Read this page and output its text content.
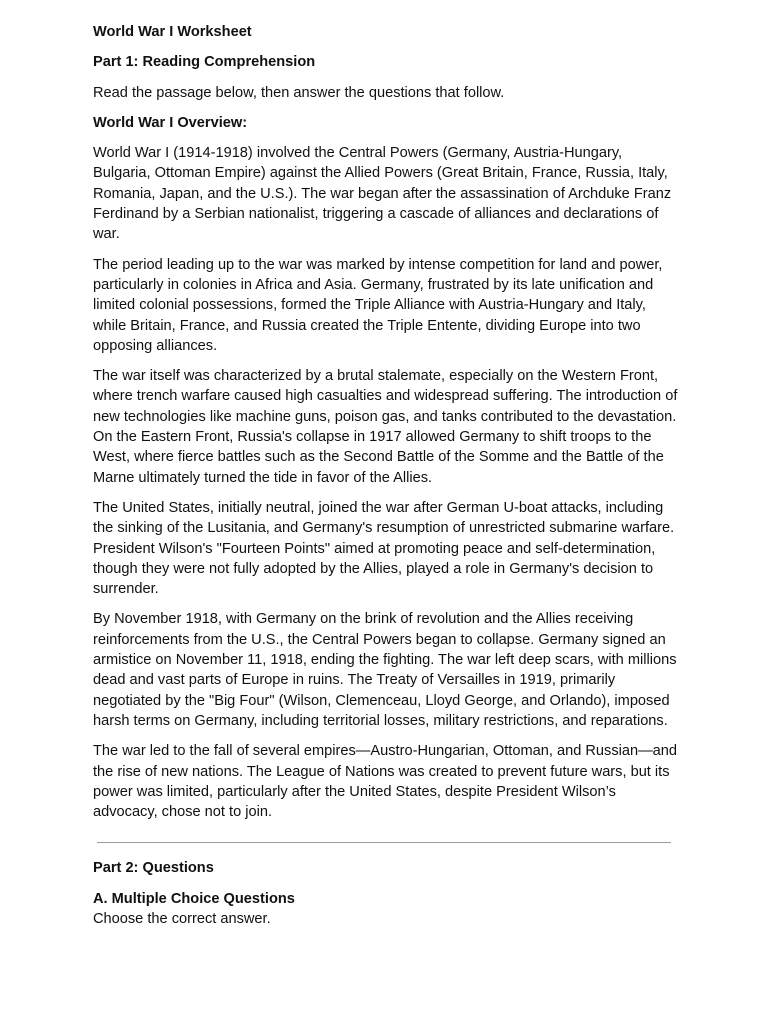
World War I Worksheet
Part 1: Reading Comprehension
Read the passage below, then answer the questions that follow.
World War I Overview:
World War I (1914-1918) involved the Central Powers (Germany, Austria-Hungary, Bulgaria, Ottoman Empire) against the Allied Powers (Great Britain, France, Russia, Italy, Romania, Japan, and the U.S.). The war began after the assassination of Archduke Franz Ferdinand by a Serbian nationalist, triggering a cascade of alliances and declarations of war.
The period leading up to the war was marked by intense competition for land and power, particularly in colonies in Africa and Asia. Germany, frustrated by its late unification and limited colonial possessions, formed the Triple Alliance with Austria-Hungary and Italy, while Britain, France, and Russia created the Triple Entente, dividing Europe into two opposing alliances.
The war itself was characterized by a brutal stalemate, especially on the Western Front, where trench warfare caused high casualties and widespread suffering. The introduction of new technologies like machine guns, poison gas, and tanks contributed to the devastation. On the Eastern Front, Russia's collapse in 1917 allowed Germany to shift troops to the West, where fierce battles such as the Second Battle of the Somme and the Battle of the Marne ultimately turned the tide in favor of the Allies.
The United States, initially neutral, joined the war after German U-boat attacks, including the sinking of the Lusitania, and Germany's resumption of unrestricted submarine warfare. President Wilson's "Fourteen Points" aimed at promoting peace and self-determination, though they were not fully adopted by the Allies, played a role in Germany's decision to surrender.
By November 1918, with Germany on the brink of revolution and the Allies receiving reinforcements from the U.S., the Central Powers began to collapse. Germany signed an armistice on November 11, 1918, ending the fighting. The war left deep scars, with millions dead and vast parts of Europe in ruins. The Treaty of Versailles in 1919, primarily negotiated by the "Big Four" (Wilson, Clemenceau, Lloyd George, and Orlando), imposed harsh terms on Germany, including territorial losses, military restrictions, and reparations.
The war led to the fall of several empires—Austro-Hungarian, Ottoman, and Russian—and the rise of new nations. The League of Nations was created to prevent future wars, but its power was limited, particularly after the United States, despite President Wilson’s advocacy, chose not to join.
Part 2: Questions
A. Multiple Choice Questions
Choose the correct answer.
